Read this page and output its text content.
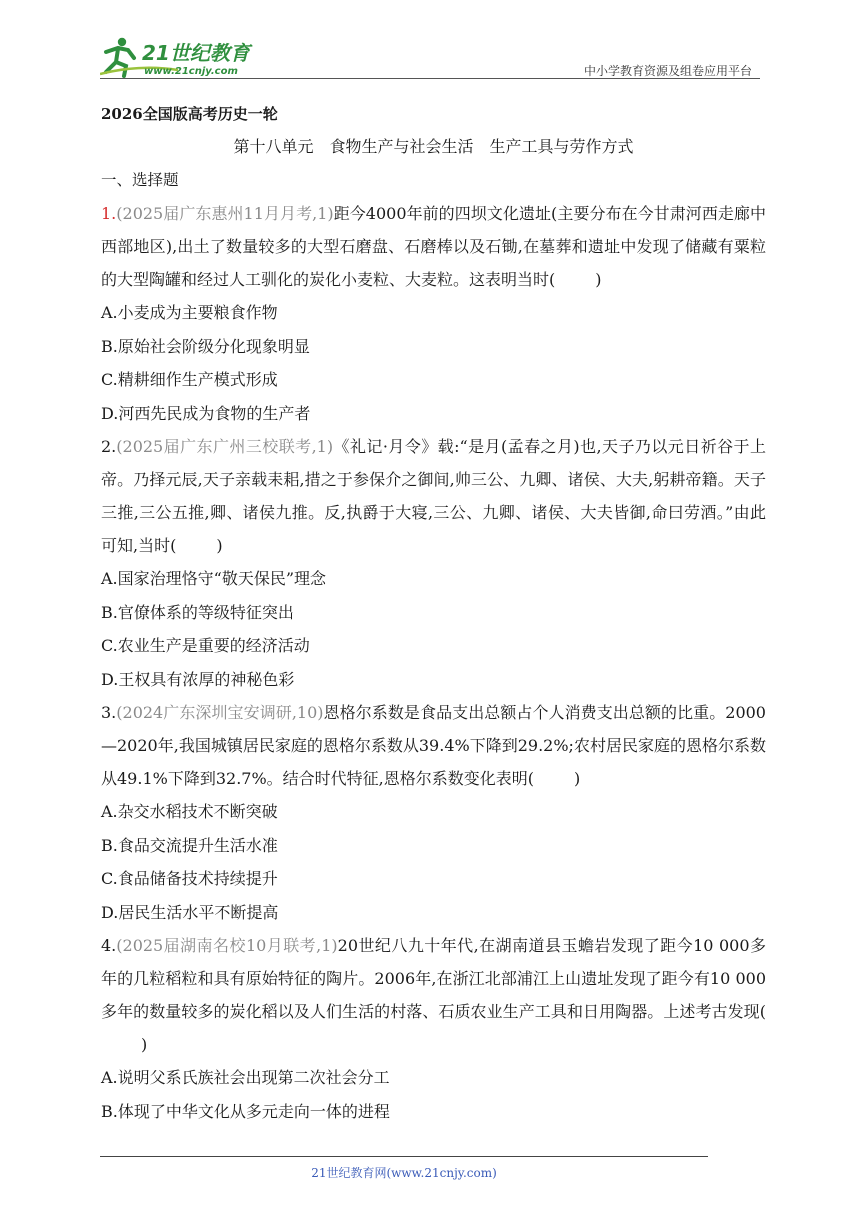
21世纪教育
www.21cnjy.com	中小学教育资源及组卷应用平台
2026全国版高考历史一轮
第十八单元 食物生产与社会生活 生产工具与劳作方式
一、选择题
1.(2025届广东惠州11月月考,1)距今4000年前的四坝文化遗址(主要分布在今甘肃河西走廊中西部地区),出土了数量较多的大型石磨盘、石磨棒以及石锄,在墓葬和遗址中发现了储藏有粟粒的大型陶罐和经过人工驯化的炭化小麦粒、大麦粒。这表明当时(	)
A.小麦成为主要粮食作物
B.原始社会阶级分化现象明显
C.精耕细作生产模式形成
D.河西先民成为食物的生产者
2.(2025届广东广州三校联考,1)《礼记·月令》载:“是月(孟春之月)也,天子乃以元日祈谷于上帝。乃择元辰,天子亲载耒耜,措之于参保介之御间,帅三公、九卿、诸侯、大夫,躬耕帝籍。天子三推,三公五推,卿、诸侯九推。反,执爵于大寝,三公、九卿、诸侯、大夫皆御,命曰劳酒。”由此可知,当时(	)
A.国家治理恪守“敬天保民”理念
B.官僚体系的等级特征突出
C.农业生产是重要的经济活动
D.王权具有浓厚的神秘色彩
3.(2024广东深圳宝安调研,10)恩格尔系数是食品支出总额占个人消费支出总额的比重。2000—2020年,我国城镇居民家庭的恩格尔系数从39.4%下降到29.2%;农村居民家庭的恩格尔系数从49.1%下降到32.7%。结合时代特征,恩格尔系数变化表明(	)
A.杂交水稻技术不断突破
B.食品交流提升生活水准
C.食品储备技术持续提升
D.居民生活水平不断提高
4.(2025届湖南名校10月联考,1)20世纪八九十年代,在湖南道县玉蟾岩发现了距今10 000多年的几粒稻粒和具有原始特征的陶片。2006年,在浙江北部浦江上山遗址发现了距今有10 000多年的数量较多的炭化稻以及人们生活的村落、石质农业生产工具和日用陶器。上述考古发现()
A.说明父系氏族社会出现第二次社会分工
B.体现了中华文化从多元走向一体的进程
21世纪教育网(www.21cnjy.com)
